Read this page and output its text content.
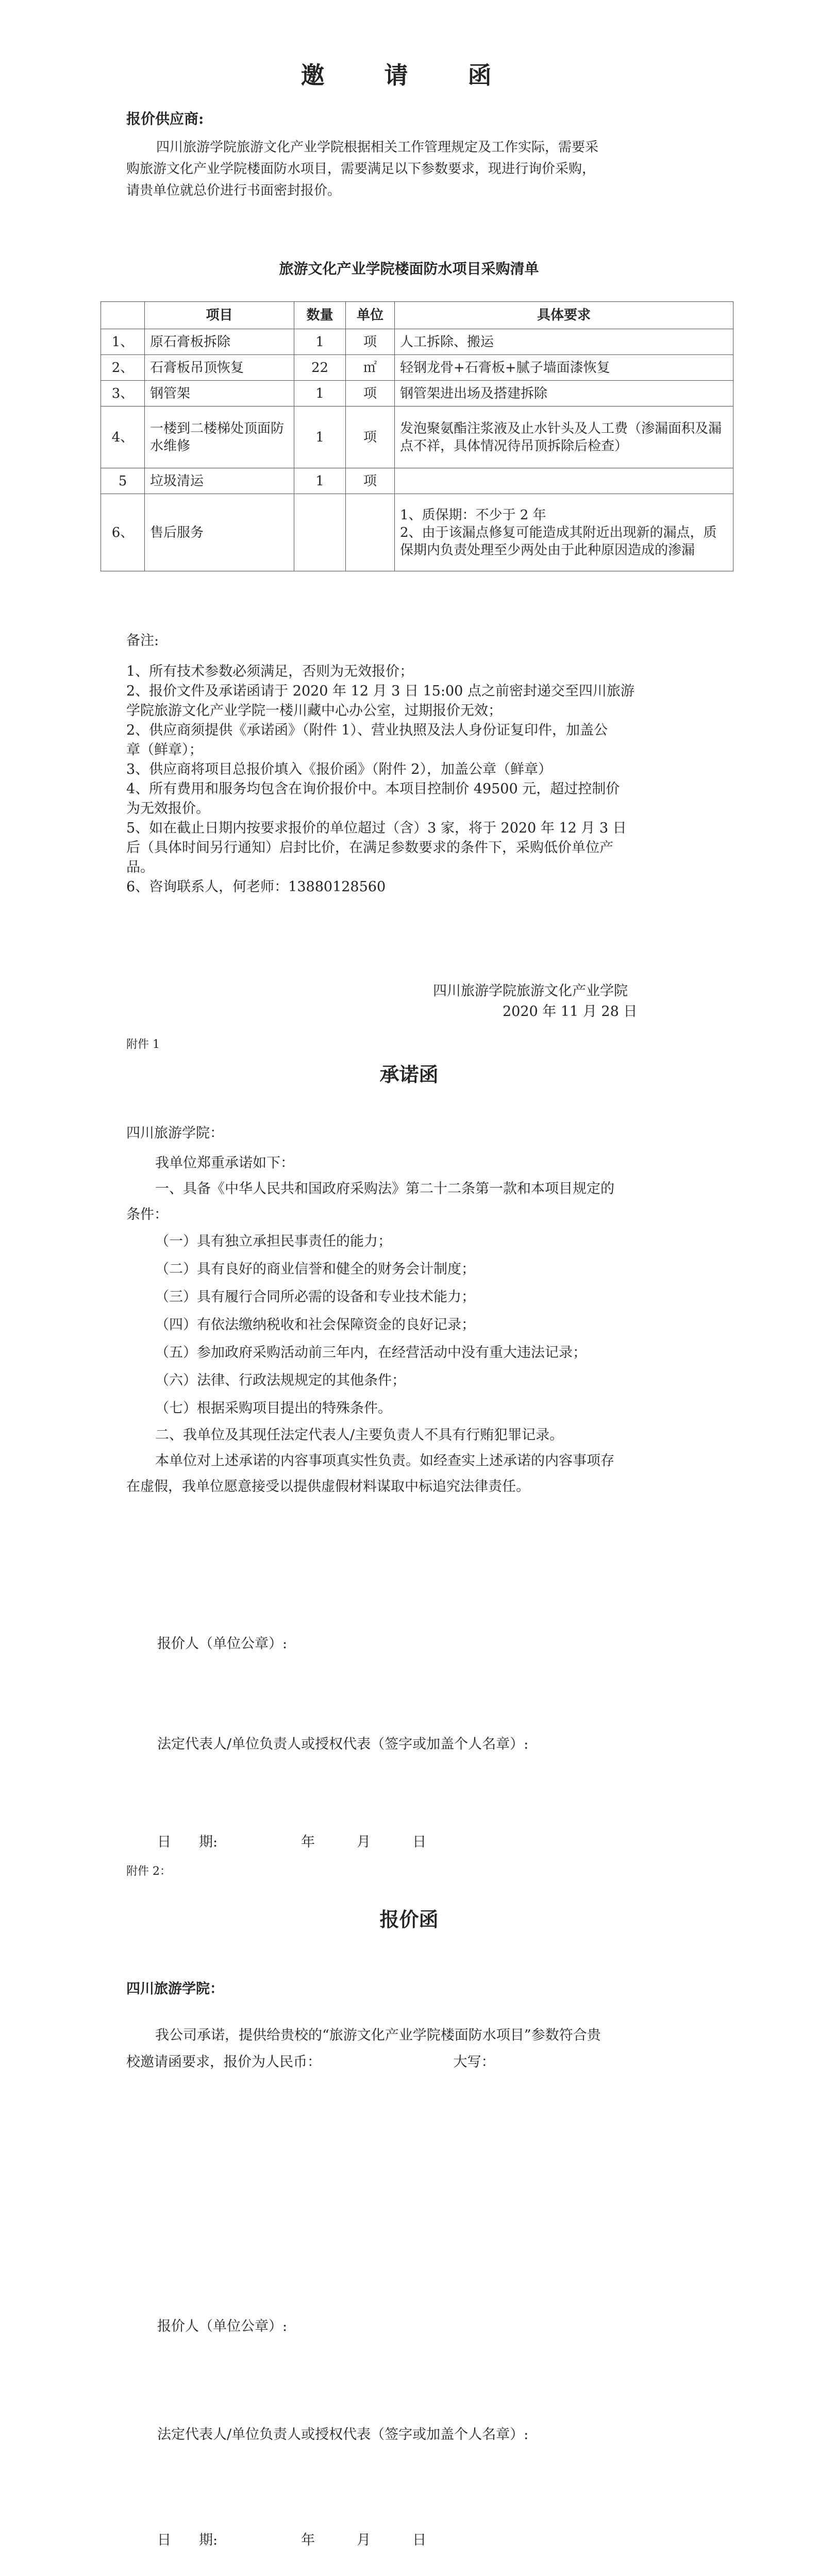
邀 请 函
报价供应商:
四川旅游学院旅游文化产业学院根据相关工作管理规定及工作实际，需要采
购旅游文化产业学院楼面防水项目，需要满足以下参数要求，现进行询价采购，
请贵单位就总价进行书面密封报价。
旅游文化产业学院楼面防水项目采购清单
	项目	数量	单位	具体要求
1、	原石膏板拆除	1	项	人工拆除、搬运
2、	石膏板吊顶恢复	22	㎡	轻钢龙骨+石膏板+腻子墙面漆恢复
3、	钢管架	1	项	钢管架进出场及搭建拆除
4、	一楼到二楼梯处顶面防水维修	1	项	发泡聚氨酯注浆液及止水针头及人工费（渗漏面积及漏点不祥，具体情况待吊顶拆除后检查）
5	垃圾清运	1	项	
6、	售后服务			1、质保期：不少于 2 年
2、由于该漏点修复可能造成其附近出现新的漏点，质保期内负责处理至少两处由于此种原因造成的渗漏
备注:
1、所有技术参数必须满足，否则为无效报价；
2、报价文件及承诺函请于 2020 年 12 月 3 日 15:00 点之前密封递交至四川旅游
学院旅游文化产业学院一楼川藏中心办公室，过期报价无效；
2、供应商须提供《承诺函》（附件 1）、营业执照及法人身份证复印件，加盖公
章（鲜章）；
3、供应商将项目总报价填入《报价函》（附件 2），加盖公章（鲜章）
4、所有费用和服务均包含在询价报价中。本项目控制价 49500 元，超过控制价
为无效报价。
5、如在截止日期内按要求报价的单位超过（含）3 家，将于 2020 年 12 月 3 日
后（具体时间另行通知）启封比价，在满足参数要求的条件下，采购低价单位产
品。
6、咨询联系人，何老师：13880128560
四川旅游学院旅游文化产业学院
2020 年 11 月 28 日
附件 1
承诺函
四川旅游学院：
我单位郑重承诺如下：
一、具备《中华人民共和国政府采购法》第二十二条第一款和本项目规定的
条件：
（一）具有独立承担民事责任的能力；
（二）具有良好的商业信誉和健全的财务会计制度；
（三）具有履行合同所必需的设备和专业技术能力；
（四）有依法缴纳税收和社会保障资金的良好记录；
（五）参加政府采购活动前三年内，在经营活动中没有重大违法记录；
（六）法律、行政法规规定的其他条件；
（七）根据采购项目提出的特殊条件。
二、我单位及其现任法定代表人/主要负责人不具有行贿犯罪记录。
本单位对上述承诺的内容事项真实性负责。如经查实上述承诺的内容事项存
在虚假，我单位愿意接受以提供虚假材料谋取中标追究法律责任。
报价人（单位公章）:
法定代表人/单位负责人或授权代表（签字或加盖个人名章）:
日　　期:　　　　　　年　　　月　　　日
附件 2：
报价函
四川旅游学院：
我公司承诺，提供给贵校的“旅游文化产业学院楼面防水项目”参数符合贵
校邀请函要求，报价为人民币：　　　　　　　　　　大写：
报价人（单位公章）:
法定代表人/单位负责人或授权代表（签字或加盖个人名章）:
日　　期:　　　　　　年　　　月　　　日
